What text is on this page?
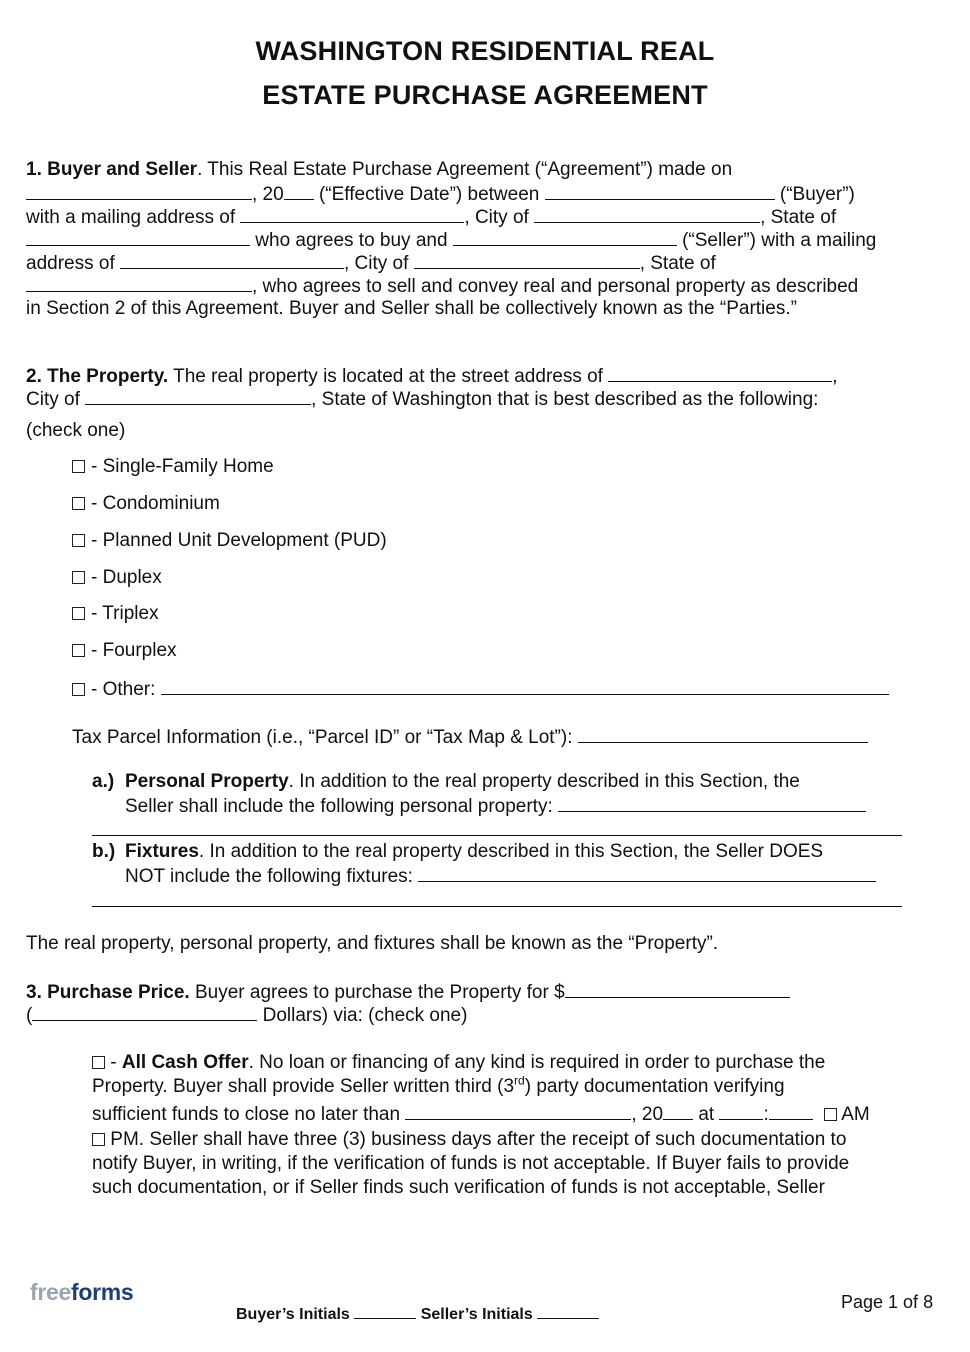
WASHINGTON RESIDENTIAL REAL
ESTATE PURCHASE AGREEMENT
1. Buyer and Seller. This Real Estate Purchase Agreement (“Agreement”) made on
, 20 (“Effective Date”) between	(“Buyer”)
with a mailing address of	, City of	, State of
who agrees to buy and	(“Seller”) with a mailing
address of	, City of	, State of
, who agrees to sell and convey real and personal property as described
in Section 2 of this Agreement. Buyer and Seller shall be collectively known as the “Parties.”
2. The Property. The real property is located at the street address of	,
City of	, State of Washington that is best described as the following:
(check one)
- Single-Family Home
- Condominium
- Planned Unit Development (PUD)
- Duplex
- Triplex
- Fourplex
- Other:
Tax Parcel Information (i.e., “Parcel ID” or “Tax Map & Lot”):
a.) Personal Property. In addition to the real property described in this Section, the
Seller shall include the following personal property:
b.) Fixtures. In addition to the real property described in this Section, the Seller DOES
NOT include the following fixtures:
The real property, personal property, and fixtures shall be known as the “Property”.
3. Purchase Price. Buyer agrees to purchase the Property for $
(	Dollars) via: (check one)
- All Cash Offer. No loan or financing of any kind is required in order to purchase the
Property. Buyer shall provide Seller written third (3rd) party documentation verifying
sufficient funds to close no later than	, 20 at :	AM
PM. Seller shall have three (3) business days after the receipt of such documentation to
notify Buyer, in writing, if the verification of funds is not acceptable. If Buyer fails to provide
such documentation, or if Seller finds such verification of funds is not acceptable, Seller
freeforms
Buyer’s Initials	Seller’s Initials
Page 1 of 8
